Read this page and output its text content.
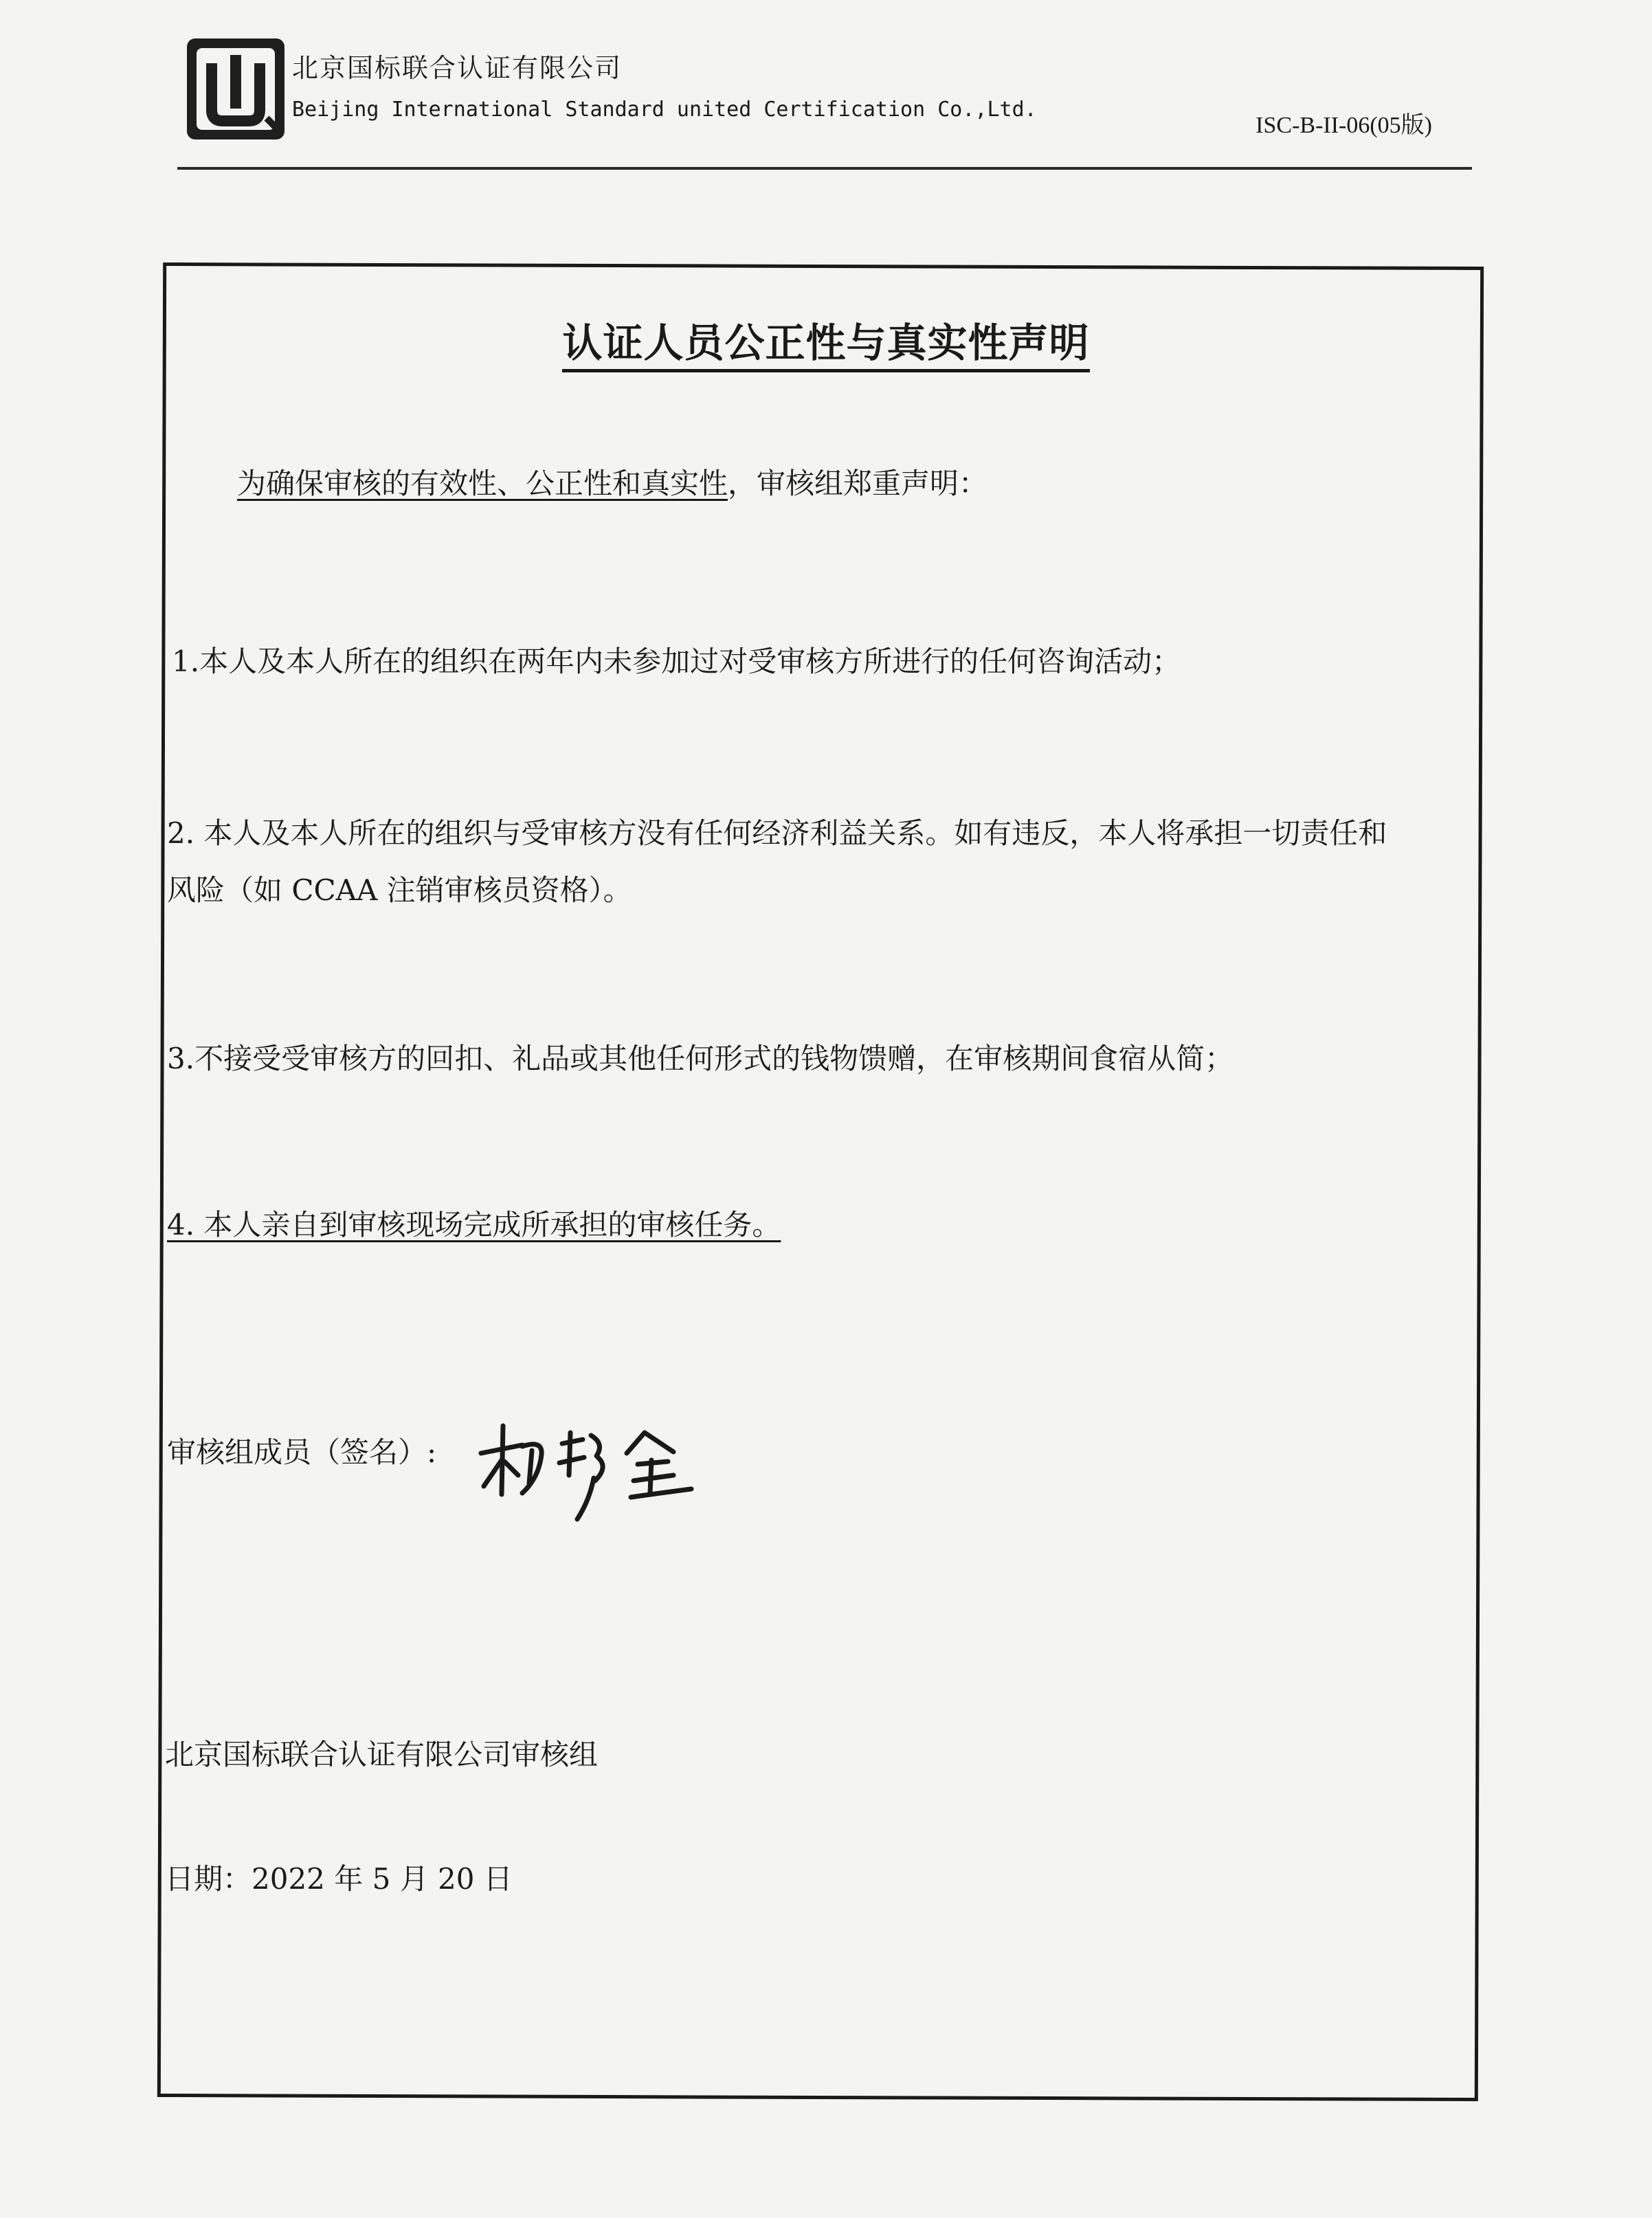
北京国标联合认证有限公司
Beijing International Standard united Certification Co.,Ltd.
ISC-B-II-06(05版)
认证人员公正性与真实性声明
为确保审核的有效性、公正性和真实性，审核组郑重声明：
1.本人及本人所在的组织在两年内未参加过对受审核方所进行的任何咨询活动；
2. 本人及本人所在的组织与受审核方没有任何经济利益关系。如有违反，本人将承担一切责任和
风险（如 CCAA 注销审核员资格）。
3.不接受受审核方的回扣、礼品或其他任何形式的钱物馈赠，在审核期间食宿从简；
4. 本人亲自到审核现场完成所承担的审核任务。
审核组成员（签名）:
北京国标联合认证有限公司审核组
日期：2022 年 5 月 20 日
